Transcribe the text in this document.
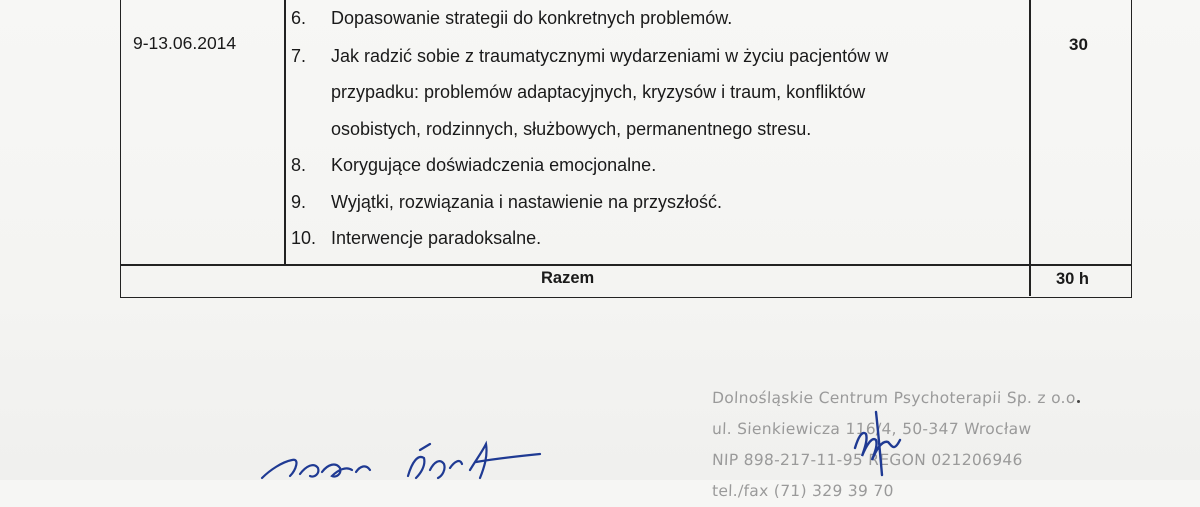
9-13.06.2014	30
6. Dopasowanie strategii do konkretnych problemów.
7. Jak radzić sobie z traumatycznymi wydarzeniami w życiu pacjentów w
przypadku: problemów adaptacyjnych, kryzysów i traum, konfliktów
osobistych, rodzinnych, służbowych, permanentnego stresu.
8. Korygujące doświadczenia emocjonalne.
9. Wyjątki, rozwiązania i nastawienie na przyszłość.
10. Interwencje paradoksalne.
Razem	30 h
Dolnośląskie Centrum Psychoterapii Sp. z o.o
ul. Sienkiewicza 116/4, 50-347 Wrocław
NIP 898-217-11-95 REGON 021206946
tel./fax (71) 329 39 70
